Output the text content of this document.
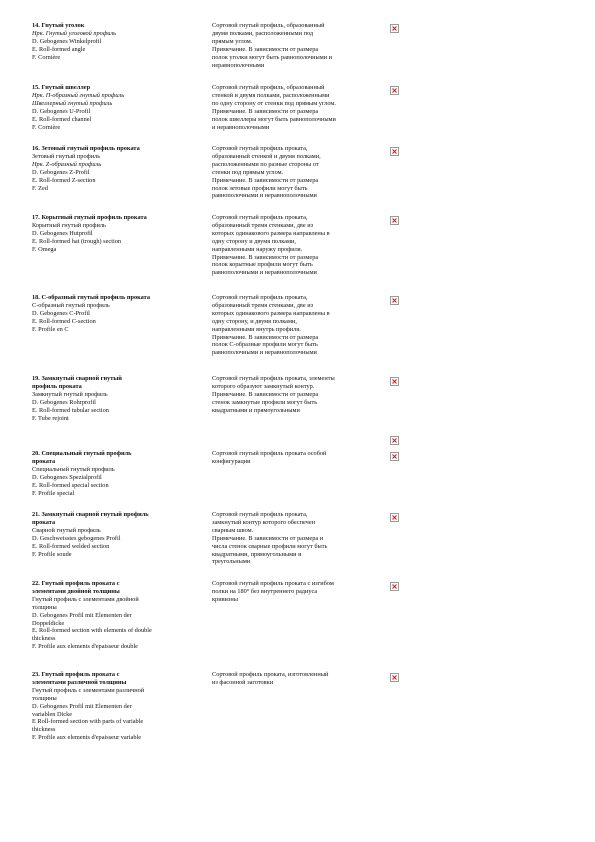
14. Гнутый уголок
Нрк. Гнутый уголовой профиль
D. Gebogenes Winkelprofil
E. Roll-formed angle
F. Cornière
Сортовой гнутый профиль, образованный
двумя полками, расположенными под
прямым углом.
Примечание. В зависимости от размера
полок уголки могут быть равнополочными и
неравнополочными
15. Гнутый швеллер
Нрк. П-образный гнутый профиль
Швеллерный гнутый профиль
D. Gebogenes U-Profil
E. Roll-formed channel
F. Cornière
Сортовой гнутый профиль, образованный
стенкой и двумя полками, расположенными
по одну сторону от стенки под прямым углом.
Примечание. В зависимости от размера
полок швеллеры могут быть равнополочными
и неравнополочными
16. Зетовый гнутый профиль проката
Зетовый гнутый профиль
Нрк. Z-образный профиль
D. Gebogenes Z-Profil
E. Roll-formed Z-section
F. Zed
Сортовой гнутый профиль проката,
образованный стенкой и двумя полками,
расположенными по разные стороны от
стенки под прямым углом.
Примечание. В зависимости от размера
полок зетовые профили могут быть
равнополочными и неравнополочными
17. Корытный гнутый профиль проката
Корытный гнутый профиль
D. Gebogenes Hutprofil
E. Roll-formed hat (trough) section
F. Omega
Сортовой гнутый профиль проката,
образованный тремя стенками, две из
которых одинакового размера направлены в
одну сторону и двумя полками,
направленными наружу профиля.
Примечание. В зависимости от размера
полок корытные профили могут быть
равнополочными и неравнополочными
18. С-образный гнутый профиль проката
С-образный гнутый профиль
D. Gebogenes C-Profil
E. Roll-formed C-section
F. Profile en C
Сортовой гнутый профиль проката,
образованный тремя стенками, две из
которых одинакового размера направлены в
одну сторону, и двумя полками,
направленными внутрь профиля.
Примечание. В зависимости от размера
полок С-образные профили могут быть
равнополочными и неравнополочными
19. Замкнутый сварной гнутый
профиль проката
Замкнутый гнутый профиль
D. Gebogenes Rohrprofil
E. Roll-formed tubular section
F. Tube rejoint
Сортовой гнутый профиль проката, элементы
которого образуют замкнутый контур.
Примечание. В зависимости от размера
стенок замкнутые профили могут быть
квадратными и прямоугольными
20. Специальный гнутый профиль
проката
Специальный гнутый профиль
D. Gebogenes Spezialprofil
E. Roll-formed special section
F. Profile special
Сортовой гнутый профиль проката особой
конфигурации
21. Замкнутый сварной гнутый профиль
проката
Сварной гнутый профиль
D. Geschweisstes gebogenes Profil
E. Roll-formed welded section
F. Profile soude
Сортовой гнутый профиль проката,
замкнутый контур которого обеспечен
сварным швом.
Примечание. В зависимости от размера и
числа стенок сварные профили могут быть
квадратными, прямоугольными и
треугольными
22. Гнутый профиль проката с
элементами двойной толщины
Гнутый профиль с элементами двойной
толщины
D. Gebogenes Profil mit Elementen der
Doppeldicke
E. Roll-formed section with elements of double
thickness
F. Profile aux elements d'epaisseur double
Сортовой гнутый профиль проката с изгибом
полки на 180° без внутреннего радиуса
кривизны
23. Гнутый профиль проката с
элементами различной толщины
Гнутый профиль с элементами различной
толщины
D. Gebogenes Profil mit Elementen der
variablen Dicke
E Roll-formed section with parts of variable
thickness
F. Profile aux elements d'epaisseur variable
Сортовой профиль проката, изготовленный
из фасонной заготовки
